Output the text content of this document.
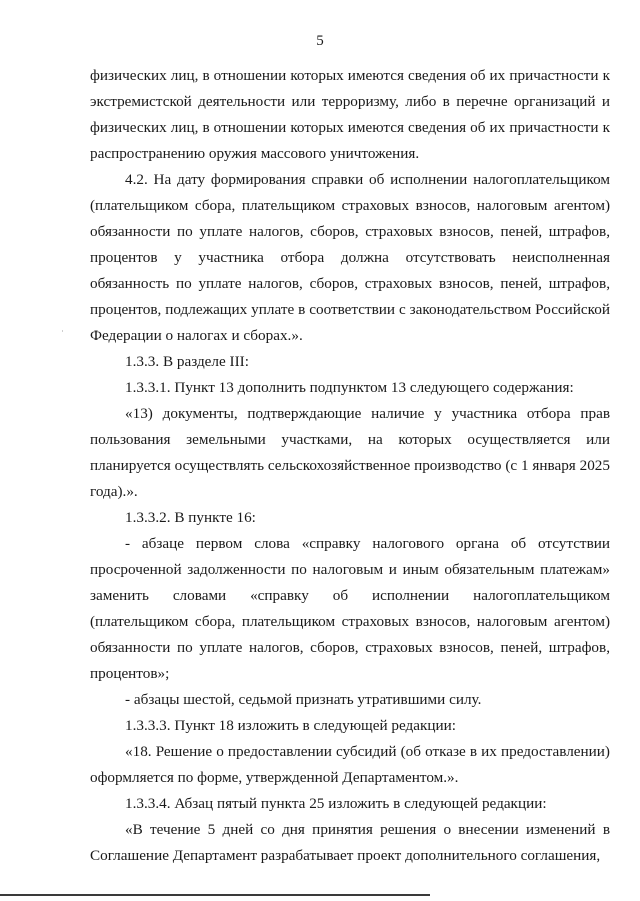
5

физических лиц, в отношении которых имеются сведения об их причастности к экстремистской деятельности или терроризму, либо в перечне организаций и физических лиц, в отношении которых имеются сведения об их причастности к распространению оружия массового уничтожения.

4.2. На дату формирования справки об исполнении налогоплательщиком (плательщиком сбора, плательщиком страховых взносов, налоговым агентом) обязанности по уплате налогов, сборов, страховых взносов, пеней, штрафов, процентов у участника отбора должна отсутствовать неисполненная обязанность по уплате налогов, сборов, страховых взносов, пеней, штрафов, процентов, подлежащих уплате в соответствии с законодательством Российской Федерации о налогах и сборах.».

1.3.3. В разделе III:

1.3.3.1. Пункт 13 дополнить подпунктом 13 следующего содержания:

«13) документы, подтверждающие наличие у участника отбора прав пользования земельными участками, на которых осуществляется или планируется осуществлять сельскохозяйственное производство (с 1 января 2025 года).».

1.3.3.2. В пункте 16:

- абзаце первом слова «справку налогового органа об отсутствии просроченной задолженности по налоговым и иным обязательным платежам» заменить словами «справку об исполнении налогоплательщиком (плательщиком сбора, плательщиком страховых взносов, налоговым агентом) обязанности по уплате налогов, сборов, страховых взносов, пеней, штрафов, процентов»;

- абзацы шестой, седьмой признать утратившими силу.

1.3.3.3. Пункт 18 изложить в следующей редакции:

«18. Решение о предоставлении субсидий (об отказе в их предоставлении) оформляется по форме, утвержденной Департаментом.».

1.3.3.4. Абзац пятый пункта 25 изложить в следующей редакции:

«В течение 5 дней со дня принятия решения о внесении изменений в Соглашение Департамент разрабатывает проект дополнительного соглашения,
